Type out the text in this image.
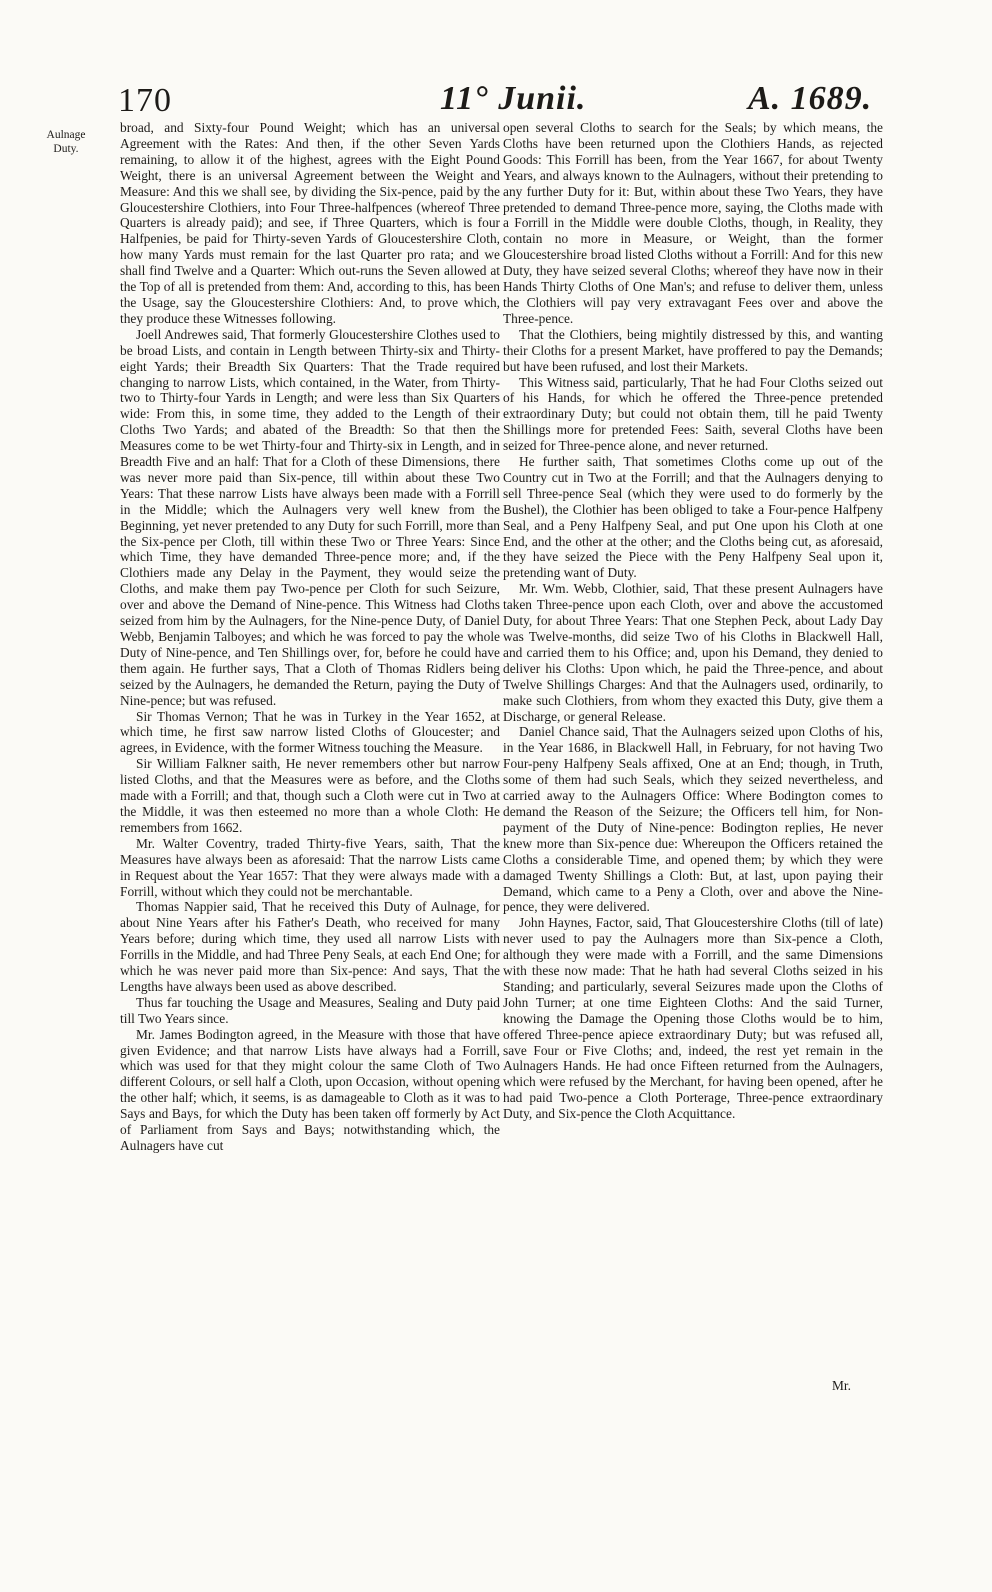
170	11° Junii.	A. 1689.
Aulnage Duty.

broad, and Sixty-four Pound Weight; which has an universal Agreement with the Rates: And then, if the other Seven Yards remaining, to allow it of the highest, agrees with the Eight Pound Weight, there is an universal Agreement between the Weight and Measure: And this we shall see, by dividing the Six-pence, paid by the Gloucestershire Clothiers, into Four Three-halfpences (whereof Three Quarters is already paid); and see, if Three Quarters, which is four Halfpenies, be paid for Thirty-seven Yards of Gloucestershire Cloth, how many Yards must remain for the last Quarter pro rata; and we shall find Twelve and a Quarter: Which out-runs the Seven allowed at the Top of all is pretended from them: And, according to this, has been the Usage, say the Gloucestershire Clothiers: And, to prove which, they produce these Witnesses following.

Joell Andrewes said, That formerly Gloucestershire Clothes used to be broad Lists, and contain in Length between Thirty-six and Thirty-eight Yards; their Breadth Six Quarters: That the Trade required changing to narrow Lists, which contained, in the Water, from Thirty-two to Thirty-four Yards in Length; and were less than Six Quarters wide: From this, in some time, they added to the Length of their Cloths Two Yards; and abated of the Breadth: So that then the Measures come to be wet Thirty-four and Thirty-six in Length, and in Breadth Five and an half: That for a Cloth of these Dimensions, there was never more paid than Six-pence, till within about these Two Years: That these narrow Lists have always been made with a Forrill in the Middle; which the Aulnagers very well knew from the Beginning, yet never pretended to any Duty for such Forrill, more than the Six-pence per Cloth, till within these Two or Three Years: Since which Time, they have demanded Three-pence more; and, if the Clothiers made any Delay in the Payment, they would seize the Cloths, and make them pay Two-pence per Cloth for such Seizure, over and above the Demand of Nine-pence. This Witness had Cloths seized from him by the Aulnagers, for the Nine-pence Duty, of Daniel Webb, Benjamin Talboyes; and which he was forced to pay the whole Duty of Nine-pence, and Ten Shillings over, for, before he could have them again. He further says, That a Cloth of Thomas Ridlers being seized by the Aulnagers, he demanded the Return, paying the Duty of Nine-pence; but was refused.

Sir Thomas Vernon; That he was in Turkey in the Year 1652, at which time, he first saw narrow listed Cloths of Gloucester; and agrees, in Evidence, with the former Witness touching the Measure.

Sir William Falkner saith, He never remembers other but narrow listed Cloths, and that the Measures were as before, and the Cloths made with a Forrill; and that, though such a Cloth were cut in Two at the Middle, it was then esteemed no more than a whole Cloth: He remembers from 1662.

Mr. Walter Coventry, traded Thirty-five Years, saith, That the Measures have always been as aforesaid: That the narrow Lists came in Request about the Year 1657: That they were always made with a Forrill, without which they could not be merchantable.

Thomas Nappier said, That he received this Duty of Aulnage, for about Nine Years after his Father's Death, who received for many Years before; during which time, they used all narrow Lists with Forrills in the Middle, and had Three Peny Seals, at each End One; for which he was never paid more than Six-pence: And says, That the Lengths have always been used as above described.

Thus far touching the Usage and Measures, Sealing and Duty paid till Two Years since.

Mr. James Bodington agreed, in the Measure with those that have given Evidence; and that narrow Lists have always had a Forrill, which was used for that they might colour the same Cloth of Two different Colours, or sell half a Cloth, upon Occasion, without opening the other half; which, it seems, is as damageable to Cloth as it was to Says and Bays, for which the Duty has been taken off formerly by Act of Parliament from Says and Bays; notwithstanding which, the Aulnagers have cut

open several Cloths to search for the Seals; by which means, the Cloths have been returned upon the Clothiers Hands, as rejected Goods: This Forrill has been, from the Year 1667, for about Twenty Years, and always known to the Aulnagers, without their pretending to any further Duty for it: But, within about these Two Years, they have pretended to demand Three-pence more, saying, the Cloths made with a Forrill in the Middle were double Cloths, though, in Reality, they contain no more in Measure, or Weight, than the former Gloucestershire broad listed Cloths without a Forrill: And for this new Duty, they have seized several Cloths; whereof they have now in their Hands Thirty Cloths of One Man's; and refuse to deliver them, unless the Clothiers will pay very extravagant Fees over and above the Three-pence.

That the Clothiers, being mightily distressed by this, and wanting their Cloths for a present Market, have proffered to pay the Demands; but have been rufused, and lost their Markets.

This Witness said, particularly, That he had Four Cloths seized out of his Hands, for which he offered the Three-pence pretended extraordinary Duty; but could not obtain them, till he paid Twenty Shillings more for pretended Fees: Saith, several Cloths have been seized for Three-pence alone, and never returned.

He further saith, That sometimes Cloths come up out of the Country cut in Two at the Forrill; and that the Aulnagers denying to sell Three-pence Seal (which they were used to do formerly by the Bushel), the Clothier has been obliged to take a Four-pence Halfpeny Seal, and a Peny Halfpeny Seal, and put One upon his Cloth at one End, and the other at the other; and the Cloths being cut, as aforesaid, they have seized the Piece with the Peny Halfpeny Seal upon it, pretending want of Duty.

Mr. Wm. Webb, Clothier, said, That these present Aulnagers have taken Three-pence upon each Cloth, over and above the accustomed Duty, for about Three Years: That one Stephen Peck, about Lady Day was Twelve-months, did seize Two of his Cloths in Blackwell Hall, and carried them to his Office; and, upon his Demand, they denied to deliver his Cloths: Upon which, he paid the Three-pence, and about Twelve Shillings Charges: And that the Aulnagers used, ordinarily, to make such Clothiers, from whom they exacted this Duty, give them a Discharge, or general Release.

Daniel Chance said, That the Aulnagers seized upon Cloths of his, in the Year 1686, in Blackwell Hall, in February, for not having Two Four-peny Halfpeny Seals affixed, One at an End; though, in Truth, some of them had such Seals, which they seized nevertheless, and carried away to the Aulnagers Office: Where Bodington comes to demand the Reason of the Seizure; the Officers tell him, for Non-payment of the Duty of Nine-pence: Bodington replies, He never knew more than Six-pence due: Whereupon the Officers retained the Cloths a considerable Time, and opened them; by which they were damaged Twenty Shillings a Cloth: But, at last, upon paying their Demand, which came to a Peny a Cloth, over and above the Nine-pence, they were delivered.

John Haynes, Factor, said, That Gloucestershire Cloths (till of late) never used to pay the Aulnagers more than Six-pence a Cloth, although they were made with a Forrill, and the same Dimensions with these now made: That he hath had several Cloths seized in his Standing; and particularly, several Seizures made upon the Cloths of John Turner; at one time Eighteen Cloths: And the said Turner, knowing the Damage the Opening those Cloths would be to him, offered Three-pence apiece extraordinary Duty; but was refused all, save Four or Five Cloths; and, indeed, the rest yet remain in the Aulnagers Hands. He had once Fifteen returned from the Aulnagers, which were refused by the Merchant, for having been opened, after he had paid Two-pence a Cloth Porterage, Three-pence extraordinary Duty, and Six-pence the Cloth Acquittance.

Mr.
